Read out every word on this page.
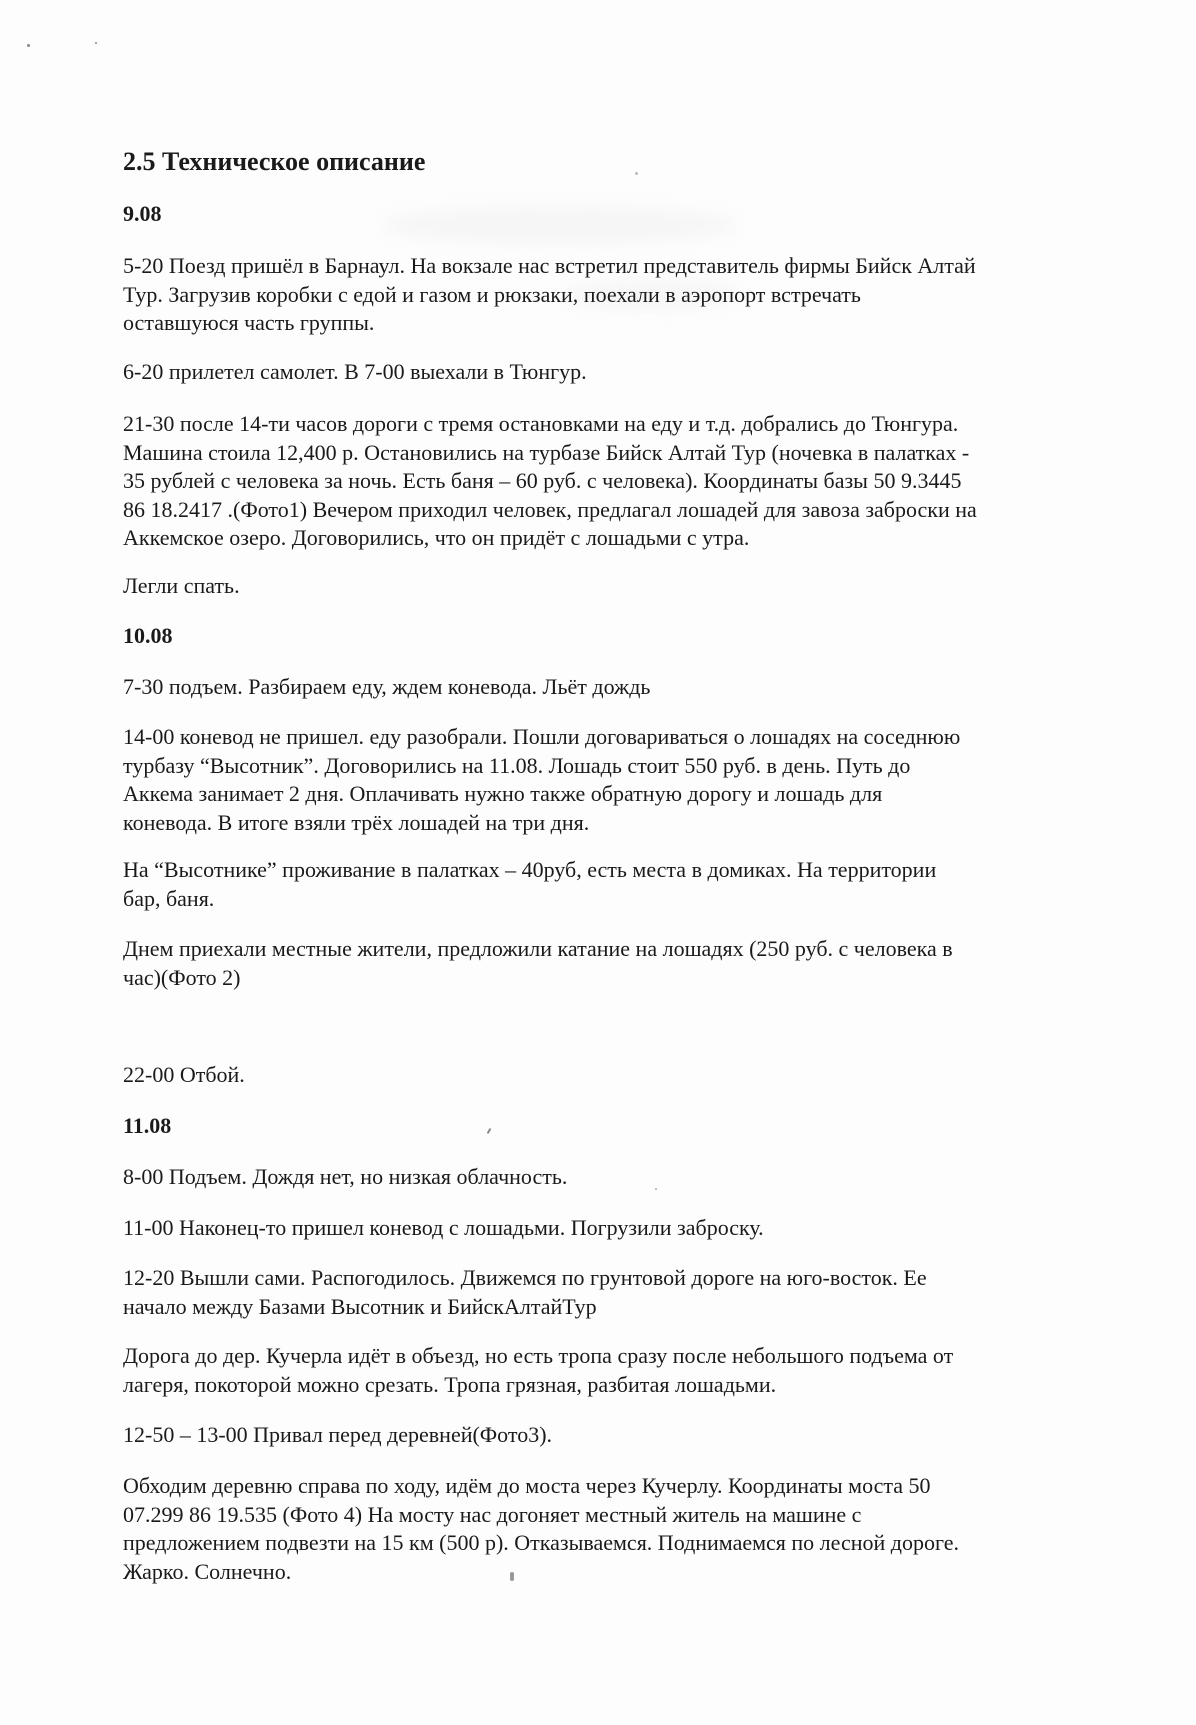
2.5 Техническое описание
9.08
5-20 Поезд пришёл в Барнаул. На вокзале нас встретил представитель фирмы Бийск Алтай
Тур. Загрузив коробки с едой и газом и рюкзаки, поехали в аэропорт встречать
оставшуюся часть группы.
6-20 прилетел самолет. В 7-00 выехали в Тюнгур.
21-30 после 14-ти часов дороги с тремя остановками на еду и т.д. добрались до Тюнгура.
Машина стоила 12,400 р. Остановились на турбазе Бийск Алтай Тур (ночевка в палатках -
35 рублей с человека за ночь. Есть баня – 60 руб. с человека). Координаты базы 50 9.3445
86 18.2417 .(Фото1) Вечером приходил человек, предлагал лошадей для завоза заброски на
Аккемское озеро. Договорились, что он придёт с лошадьми с утра.
Легли спать.
10.08
7-30 подъем. Разбираем еду, ждем коневода. Льёт дождь
14-00 коневод не пришел. еду разобрали. Пошли договариваться о лошадях на соседнюю
турбазу “Высотник”. Договорились на 11.08. Лошадь стоит 550 руб. в день. Путь до
Аккема занимает 2 дня. Оплачивать нужно также обратную дорогу и лошадь для
коневода. В итоге взяли трёх лошадей на три дня.
На “Высотнике” проживание в палатках – 40руб, есть места в домиках. На территории
бар, баня.
Днем приехали местные жители, предложили катание на лошадях (250 руб. с человека в
час)(Фото 2)
22-00 Отбой.
11.08
8-00 Подъем. Дождя нет, но низкая облачность.
11-00 Наконец-то пришел коневод с лошадьми. Погрузили заброску.
12-20 Вышли сами. Распогодилось. Движемся по грунтовой дороге на юго-восток. Ее
начало между Базами Высотник и БийскАлтайТур
Дорога до дер. Кучерла идёт в объезд, но есть тропа сразу после небольшого подъема от
лагеря, покоторой можно срезать. Тропа грязная, разбитая лошадьми.
12-50 – 13-00 Привал перед деревней(Фото3).
Обходим деревню справа по ходу, идём до моста через Кучерлу. Координаты моста 50
07.299 86 19.535 (Фото 4) На мосту нас догоняет местный житель на машине с
предложением подвезти на 15 км (500 р). Отказываемся. Поднимаемся по лесной дороге.
Жарко. Солнечно.
